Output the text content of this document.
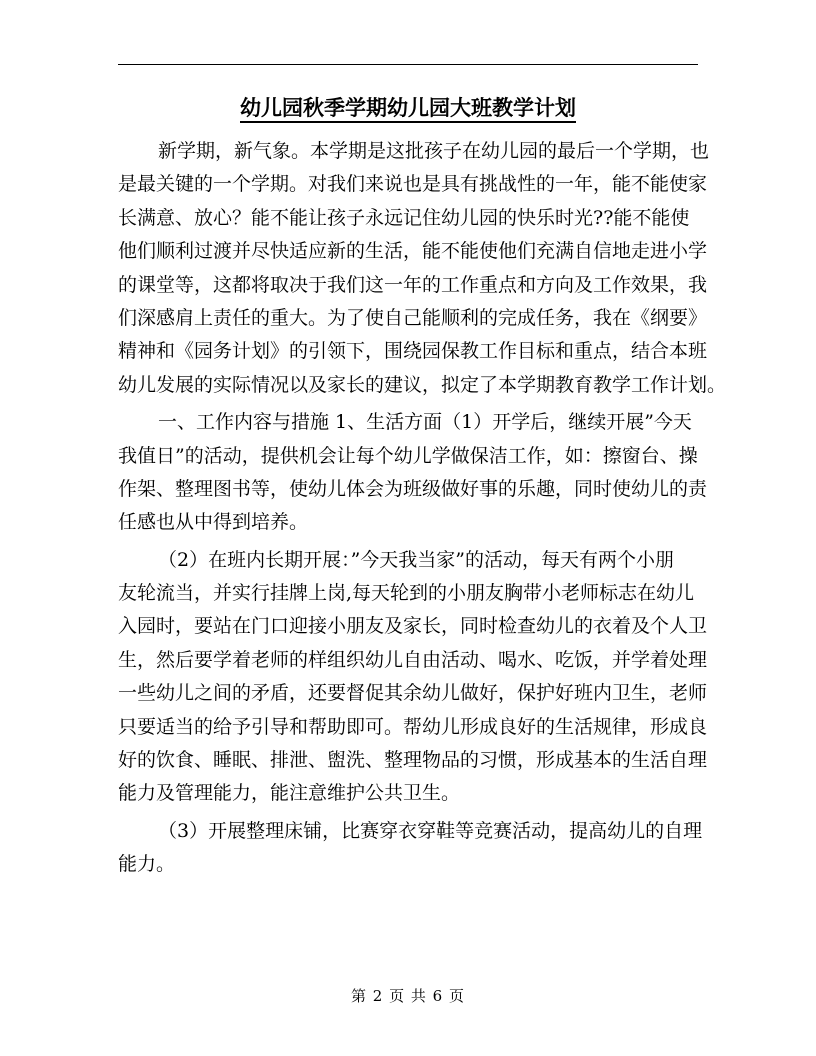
幼儿园秋季学期幼儿园大班教学计划

新学期，新气象。本学期是这批孩子在幼儿园的最后一个学期，也
是最关键的一个学期。对我们来说也是具有挑战性的一年，能不能使家
长满意、放心？能不能让孩子永远记住幼儿园的快乐时光??能不能使
他们顺利过渡并尽快适应新的生活，能不能使他们充满自信地走进小学
的课堂等，这都将取决于我们这一年的工作重点和方向及工作效果，我
们深感肩上责任的重大。为了使自己能顺利的完成任务，我在《纲要》
精神和《园务计划》的引领下，围绕园保教工作目标和重点，结合本班
幼儿发展的实际情况以及家长的建议，拟定了本学期教育教学工作计划。

一、工作内容与措施 1、生活方面（1）开学后，继续开展”今天
我值日”的活动，提供机会让每个幼儿学做保洁工作，如：擦窗台、操
作架、整理图书等，使幼儿体会为班级做好事的乐趣，同时使幼儿的责
任感也从中得到培养。

（2）在班内长期开展：”今天我当家”的活动，每天有两个小朋
友轮流当，并实行挂牌上岗,每天轮到的小朋友胸带小老师标志在幼儿
入园时，要站在门口迎接小朋友及家长，同时检查幼儿的衣着及个人卫
生，然后要学着老师的样组织幼儿自由活动、喝水、吃饭，并学着处理
一些幼儿之间的矛盾，还要督促其余幼儿做好，保护好班内卫生，老师
只要适当的给予引导和帮助即可。帮幼儿形成良好的生活规律，形成良
好的饮食、睡眠、排泄、盥洗、整理物品的习惯，形成基本的生活自理
能力及管理能力，能注意维护公共卫生。

（3）开展整理床铺，比赛穿衣穿鞋等竞赛活动，提高幼儿的自理
能力。

第 2 页 共 6 页
